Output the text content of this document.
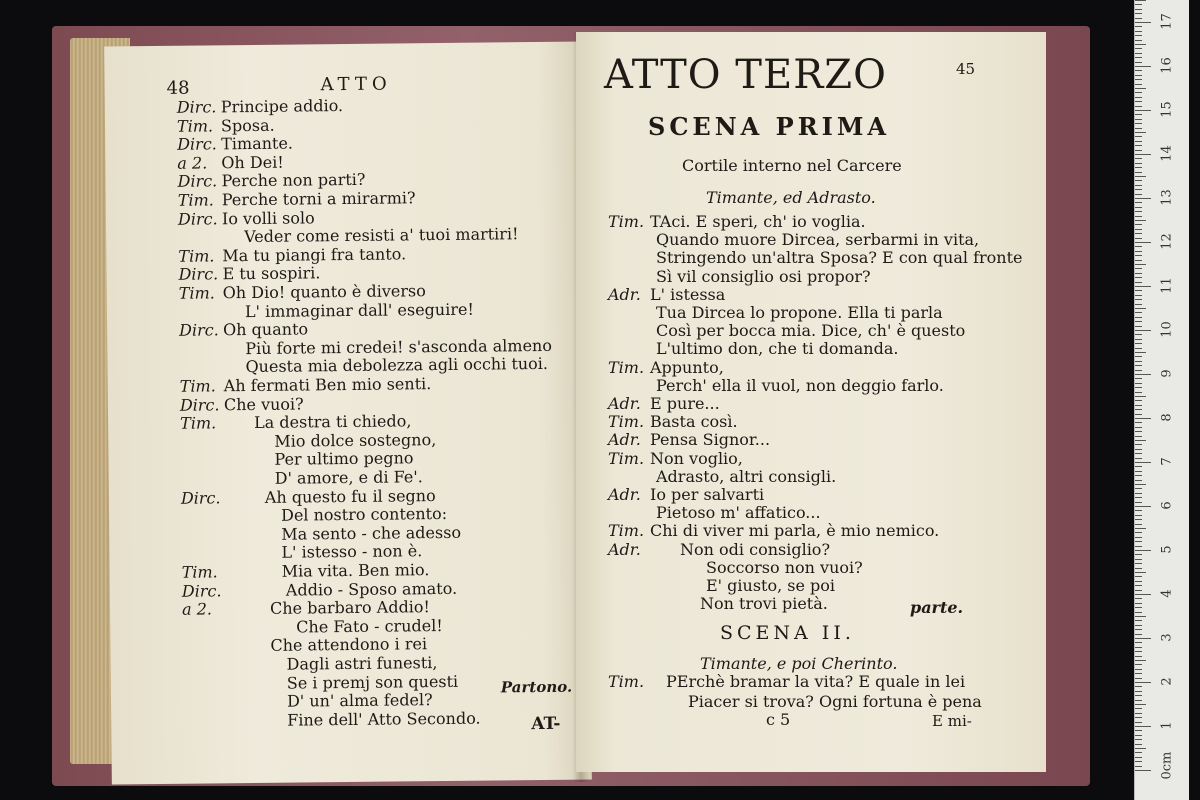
48	ATTO
Dirc. Principe addio.
Tim. Sposa.
Dirc. Timante.
a 2. Oh Dei!
Dirc. Perche non parti?
Tim. Perche torni a mirarmi?
Dirc. Io volli solo
Veder come resisti a' tuoi martiri!
Tim. Ma tu piangi fra tanto.
Dirc. E tu sospiri.
Tim. Oh Dio! quanto è diverso
L' immaginar dall' eseguire!
Dirc. Oh quanto
Più forte mi credei! s'asconda almeno
Questa mia debolezza agli occhi tuoi.
Tim. Ah fermati Ben mio senti.
Dirc. Che vuoi?
Tim. La destra ti chiedo,
Mio dolce sostegno,
Per ultimo pegno
D' amore, e di Fe'.
Dirc.	Ah questo fu il segno
Del nostro contento:
Ma sento - che adesso
L' istesso - non è.
Tim.	Mia vita. Ben mio.
Dirc.	Addio - Sposo amato.
a 2.	Che barbaro Addio!
Che Fato - crudel!
Che attendono i rei
Dagli astri funesti,
Se i premj son questi
D' un' alma fedel?
Fine dell' Atto Secondo.
Partono.
AT-
ATTO TERZO	45
SCENA PRIMA
Cortile interno nel Carcere
Timante, ed Adrasto.
Tim. TAci. E speri, ch' io voglia.
Quando muore Dircea, serbarmi in vita,
Stringendo un'altra Sposa? E con qual fronte
Sì vil consiglio osi propor?
Adr. L' istessa
Tua Dircea lo propone. Ella ti parla
Così per bocca mia. Dice, ch' è questo
L'ultimo don, che ti domanda.
Tim. Appunto,
Perch' ella il vuol, non deggio farlo.
Adr. E pure...
Tim. Basta così.
Adr. Pensa Signor...
Tim. Non voglio,
Adrasto, altri consigli.
Adr. Io per salvarti
Pietoso m' affatico...
Tim. Chi di viver mi parla, è mio nemico.
Adr. Non odi consiglio?
Soccorso non vuoi?
E' giusto, se poi
Non trovi pietà.	parte.
SCENA II.
Timante, e poi Cherinto.
Tim. PErchè bramar la vita? E quale in lei
Piacer si trova? Ogni fortuna è pena
c 5	E mi-
0cm
1
2
3
4
5
6
7
8
9
10
11
12
13
14
15
16
17
